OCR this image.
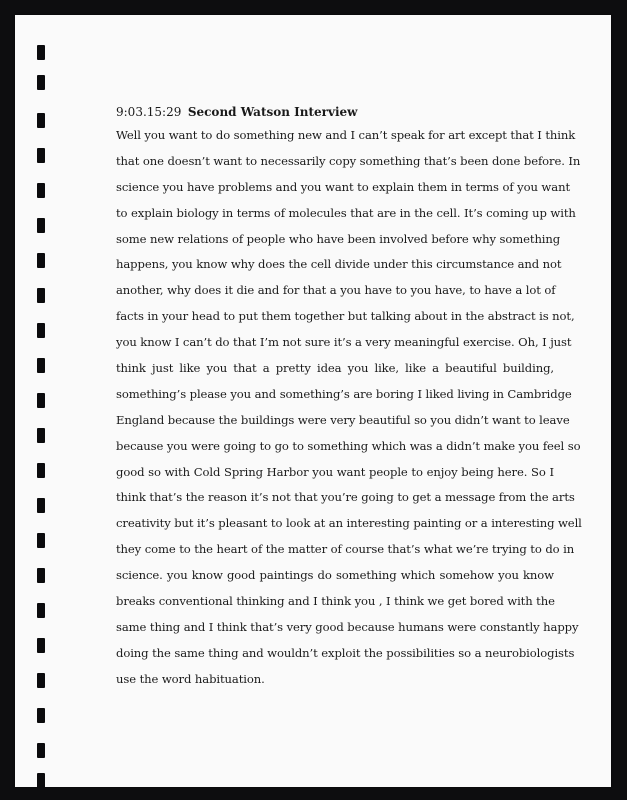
9:03.15:29 Second Watson Interview
Well you want to do something new and I can’t speak for art except that I think
that one doesn’t want to necessarily copy something that’s been done before. In
science you have problems and you want to explain them in terms of you want
to explain biology in terms of molecules that are in the cell. It’s coming up with
some new relations of people who have been involved before why something
happens, you know why does the cell divide under this circumstance and not
another, why does it die and for that a you have to you have, to have a lot of
facts in your head to put them together but talking about in the abstract is not,
you know I can’t do that I’m not sure it’s a very meaningful exercise. Oh, I just
think just like you that a pretty idea you like, like a beautiful building,
something’s please you and something’s are boring I liked living in Cambridge
England because the buildings were very beautiful so you didn’t want to leave
because you were going to go to something which was a didn’t make you feel so
good so with Cold Spring Harbor you want people to enjoy being here. So I
think that’s the reason it’s not that you’re going to get a message from the arts
creativity but it’s pleasant to look at an interesting painting or a interesting well
they come to the heart of the matter of course that’s what we’re trying to do in
science. you know good paintings do something which somehow you know
breaks conventional thinking and I think you , I think we get bored with the
same thing and I think that’s very good because humans were constantly happy
doing the same thing and wouldn’t exploit the possibilities so a neurobiologists
use the word habituation.
